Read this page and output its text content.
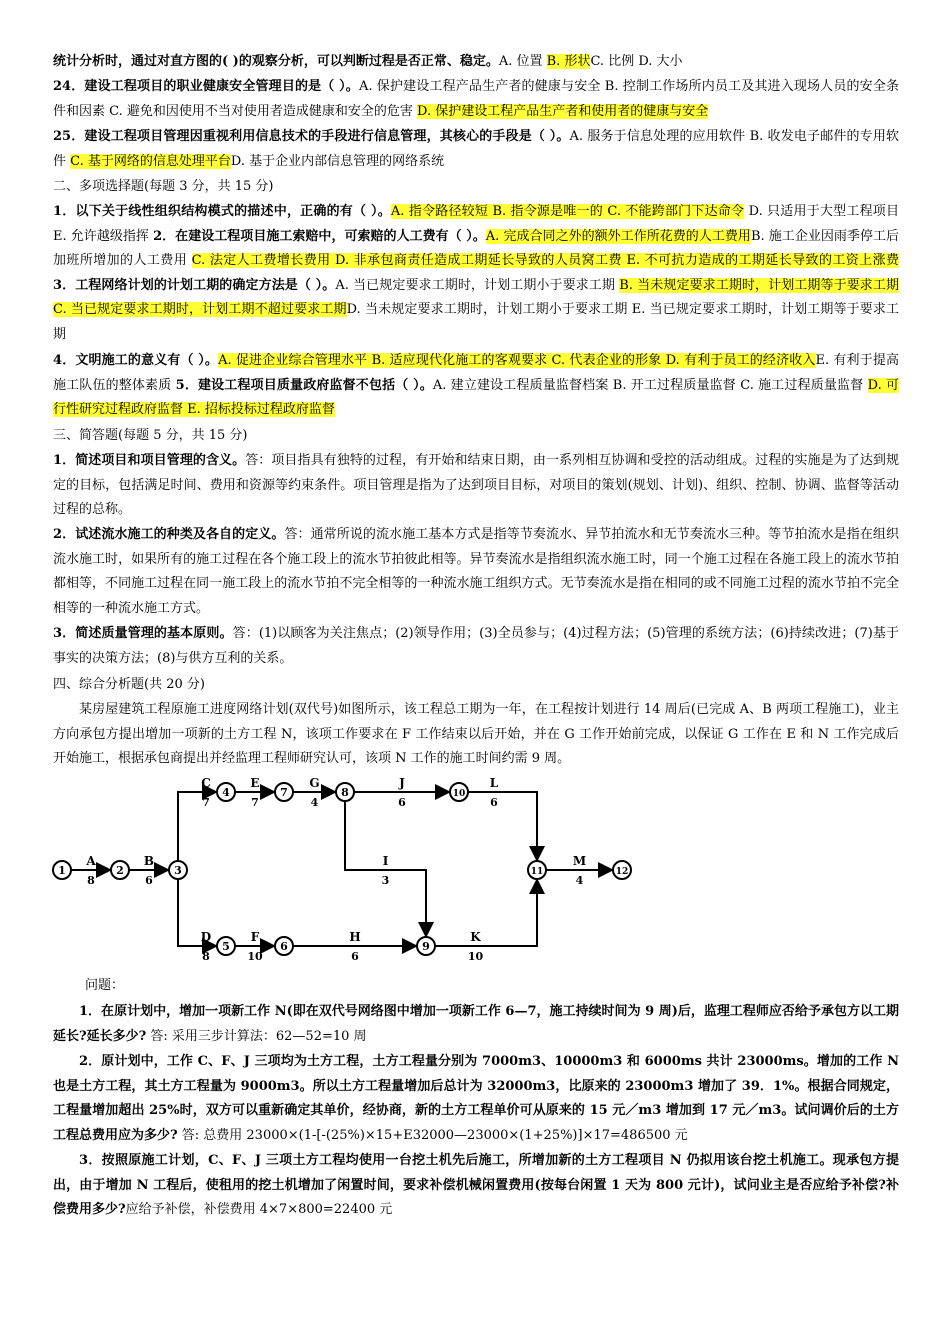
统计分析时，通过对直方图的( )的观察分析，可以判断过程是否正常、稳定。A. 位置 B. 形状C. 比例 D. 大小
24．建设工程项目的职业健康安全管理目的是（ ）。A. 保护建设工程产品生产者的健康与安全 B. 控制工作场所内员工及其进入现场人员的安全条件和因素 C. 避免和因使用不当对使用者造成健康和安全的危害 D. 保护建设工程产品生产者和使用者的健康与安全
25．建设工程项目管理因重视利用信息技术的手段进行信息管理，其核心的手段是（ ）。A. 服务于信息处理的应用软件 B. 收发电子邮件的专用软件 C. 基于网络的信息处理平台D. 基于企业内部信息管理的网络系统
二、多项选择题(每题 3 分，共 15 分)
1．以下关于线性组织结构模式的描述中，正确的有（ ）。A. 指令路径较短 B. 指令源是唯一的 C. 不能跨部门下达命令 D. 只适用于大型工程项目 E. 允许越级指挥 2．在建设工程项目施工索赔中，可索赔的人工费有（ ）。A. 完成合同之外的额外工作所花费的人工费用B. 施工企业因雨季停工后加班所增加的人工费用 C. 法定人工费增长费用 D. 非承包商责任造成工期延长导致的人员窝工费 E. 不可抗力造成的工期延长导致的工资上涨费 3．工程网络计划的计划工期的确定方法是（ ）。A. 当已规定要求工期时，计划工期小于要求工期 B. 当未规定要求工期时，计划工期等于要求工期 C. 当已规定要求工期时，计划工期不超过要求工期D. 当未规定要求工期时，计划工期小于要求工期 E. 当已规定要求工期时，计划工期等于要求工期
4．文明施工的意义有（ ）。A. 促进企业综合管理水平 B. 适应现代化施工的客观要求 C. 代表企业的形象 D. 有利于员工的经济收入E. 有利于提高施工队伍的整体素质 5．建设工程项目质量政府监督不包括（ ）。A. 建立建设工程质量监督档案 B. 开工过程质量监督 C. 施工过程质量监督 D. 可行性研究过程政府监督 E. 招标投标过程政府监督
三、简答题(每题 5 分，共 15 分)
1．简述项目和项目管理的含义。答：项目指具有独特的过程，有开始和结束日期，由一系列相互协调和受控的活动组成。过程的实施是为了达到规定的目标，包括满足时间、费用和资源等约束条件。项目管理是指为了达到项目目标，对项目的策划(规划、计划)、组织、控制、协调、监督等活动过程的总称。
2．试述流水施工的种类及各自的定义。答：通常所说的流水施工基本方式是指等节奏流水、异节拍流水和无节奏流水三种。等节拍流水是指在组织流水施工时，如果所有的施工过程在各个施工段上的流水节拍彼此相等。异节奏流水是指组织流水施工时，同一个施工过程在各施工段上的流水节拍都相等，不同施工过程在同一施工段上的流水节拍不完全相等的一种流水施工组织方式。无节奏流水是指在相同的或不同施工过程的流水节拍不完全相等的一种流水施工方式。
3．简述质量管理的基本原则。答：(1)以顾客为关注焦点；(2)领导作用；(3)全员参与；(4)过程方法；(5)管理的系统方法；(6)持续改进；(7)基于事实的决策方法；(8)与供方互利的关系。
四、综合分析题(共 20 分)
某房屋建筑工程原施工进度网络计划(双代号)如图所示，该工程总工期为一年，在工程按计划进行 14 周后(已完成 A、B 两项工程施工)，业主方向承包方提出增加一项新的土方工程 N，该项工作要求在 F 工作结束以后开始，并在 G 工作开始前完成，以保证 G 工作在 E 和 N 工作完成后开始施工，根据承包商提出并经监理工程师研究认可，该项 N 工作的施工时间约需 9 周。
A
8
B
6
C
7
E
7
G
4
J
6
L
6
I
3
M
4
D
8
F
10
H
6
K
10
1	2	3
4
5	6
7	8
9
10
11	12
问题：
1．在原计划中，增加一项新工作 N(即在双代号网络图中增加一项新工作 6—7，施工持续时间为 9 周)后，监理工程师应否给予承包方以工期延长?延长多少? 答: 采用三步计算法：62—52=10 周
2．原计划中，工作 C、F、J 三项均为土方工程，土方工程量分别为 7000m3、10000m3 和 6000ms 共计 23000ms。增加的工作 N 也是土方工程，其土方工程量为 9000m3。所以土方工程量增加后总计为 32000m3，比原来的 23000m3 增加了 39．1%。根据合同规定，工程量增加超出 25%时，双方可以重新确定其单价，经协商，新的土方工程单价可从原来的 15 元／m3 增加到 17 元／m3。试问调价后的土方工程总费用应为多少? 答: 总费用 23000×(1-[-(25%)×15+E32000—23000×(1+25%)]×17=486500 元
3．按照原施工计划，C、F、J 三项土方工程均使用一台挖土机先后施工，所增加新的土方工程项目 N 仍拟用该台挖土机施工。现承包方提出，由于增加 N 工程后，使租用的挖土机增加了闲置时间，要求补偿机械闲置费用(按每台闲置 1 天为 800 元计)，试问业主是否应给予补偿?补偿费用多少?应给予补偿，补偿费用 4×7×800=22400 元
